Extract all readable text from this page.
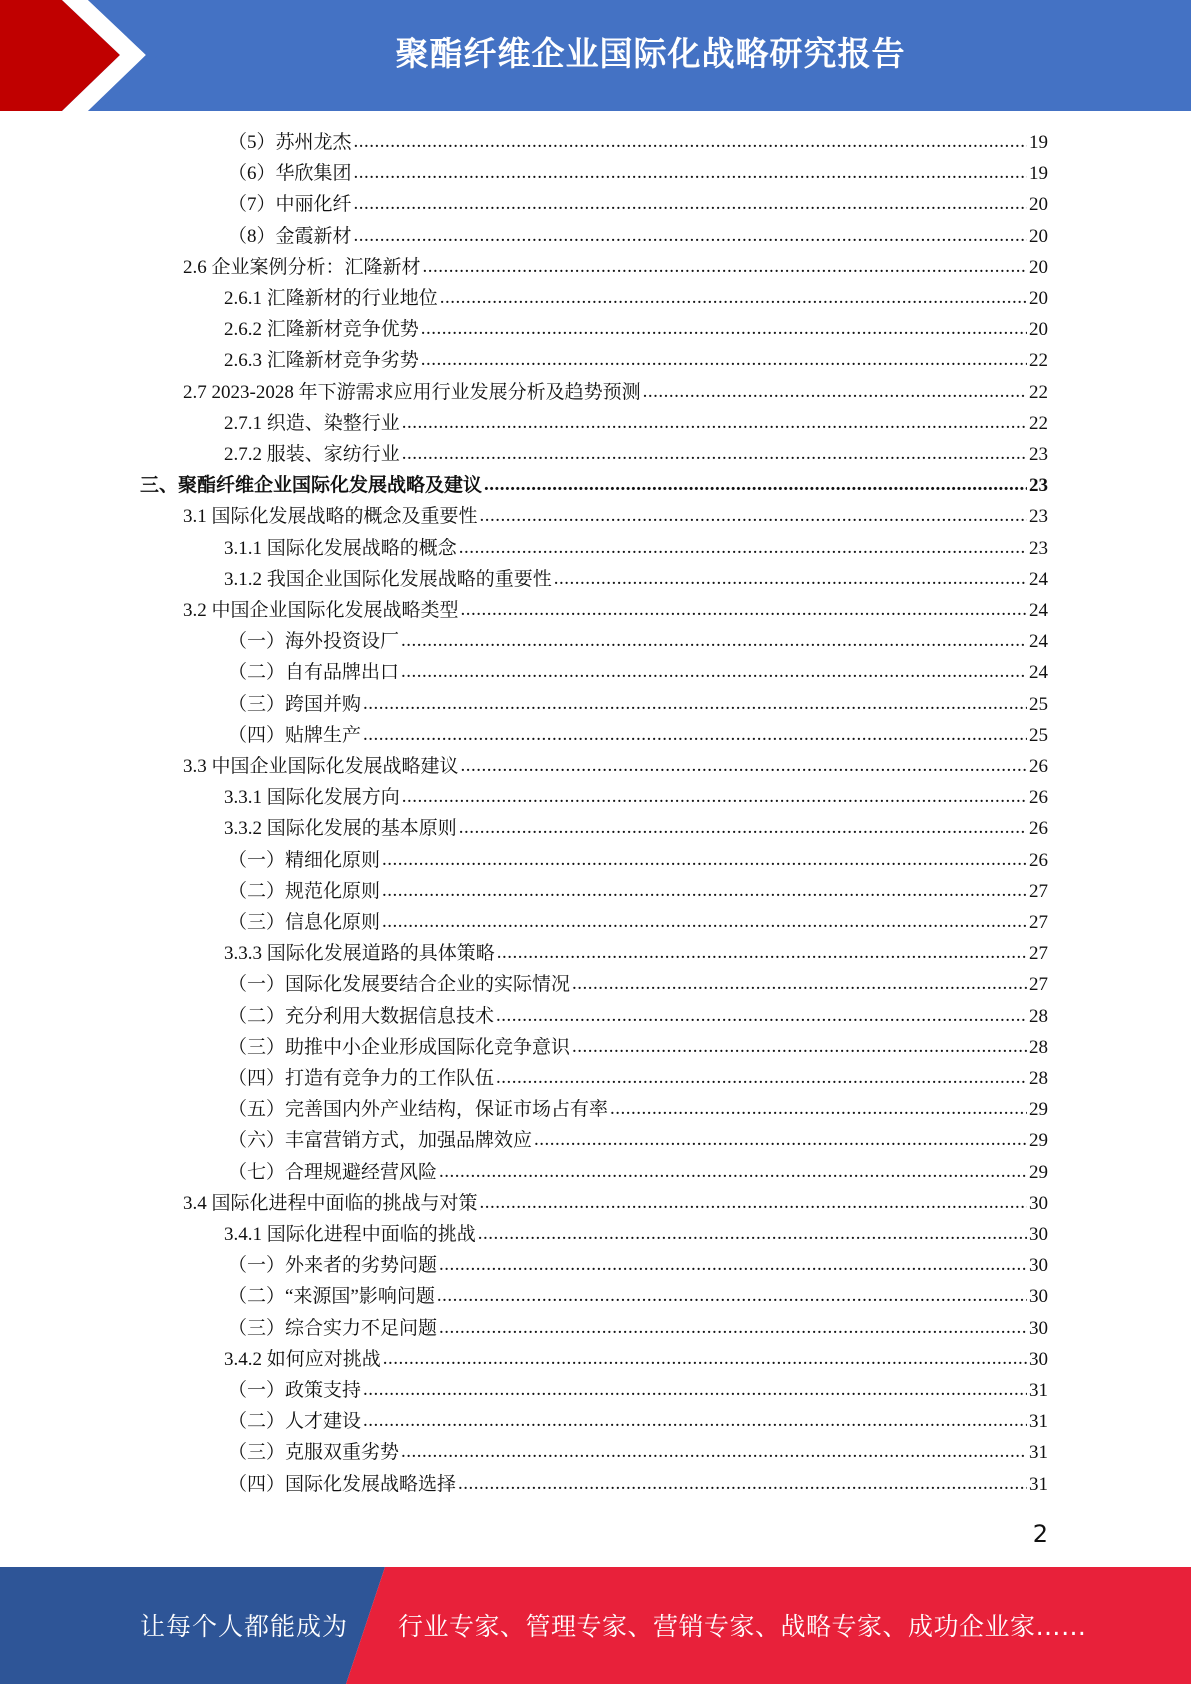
聚酯纤维企业国际化战略研究报告
（5）苏州龙杰 .....	19
（6）华欣集团 .....	19
（7）中丽化纤 .....	20
（8）金霞新材 .....	20
2.6 企业案例分析：汇隆新材 .....	20
2.6.1 汇隆新材的行业地位 .....	20
2.6.2 汇隆新材竞争优势 .....	20
2.6.3 汇隆新材竞争劣势 .....	22
2.7 2023-2028 年下游需求应用行业发展分析及趋势预测 .....	22
2.7.1 织造、染整行业 .....	22
2.7.2 服装、家纺行业 .....	23
三、聚酯纤维企业国际化发展战略及建议 .....	23
3.1 国际化发展战略的概念及重要性 .....	23
3.1.1 国际化发展战略的概念 .....	23
3.1.2 我国企业国际化发展战略的重要性 .....	24
3.2 中国企业国际化发展战略类型 .....	24
（一）海外投资设厂 .....	24
（二）自有品牌出口 .....	24
（三）跨国并购 .....	25
（四）贴牌生产 .....	25
3.3 中国企业国际化发展战略建议 .....	26
3.3.1 国际化发展方向 .....	26
3.3.2 国际化发展的基本原则 .....	26
（一）精细化原则 .....	26
（二）规范化原则 .....	27
（三）信息化原则 .....	27
3.3.3 国际化发展道路的具体策略 .....	27
（一）国际化发展要结合企业的实际情况 .....	27
（二）充分利用大数据信息技术 .....	28
（三）助推中小企业形成国际化竞争意识 .....	28
（四）打造有竞争力的工作队伍 .....	28
（五）完善国内外产业结构，保证市场占有率 .....	29
（六）丰富营销方式，加强品牌效应 .....	29
（七）合理规避经营风险 .....	29
3.4 国际化进程中面临的挑战与对策 .....	30
3.4.1 国际化进程中面临的挑战 .....	30
（一）外来者的劣势问题 .....	30
（二）“来源国”影响问题 .....	30
（三）综合实力不足问题 .....	30
3.4.2 如何应对挑战 .....	30
（一）政策支持 .....	31
（二）人才建设 .....	31
（三）克服双重劣势 .....	31
（四）国际化发展战略选择 .....	31
2
让每个人都能成为 行业专家、管理专家、营销专家、战略专家、成功企业家……
